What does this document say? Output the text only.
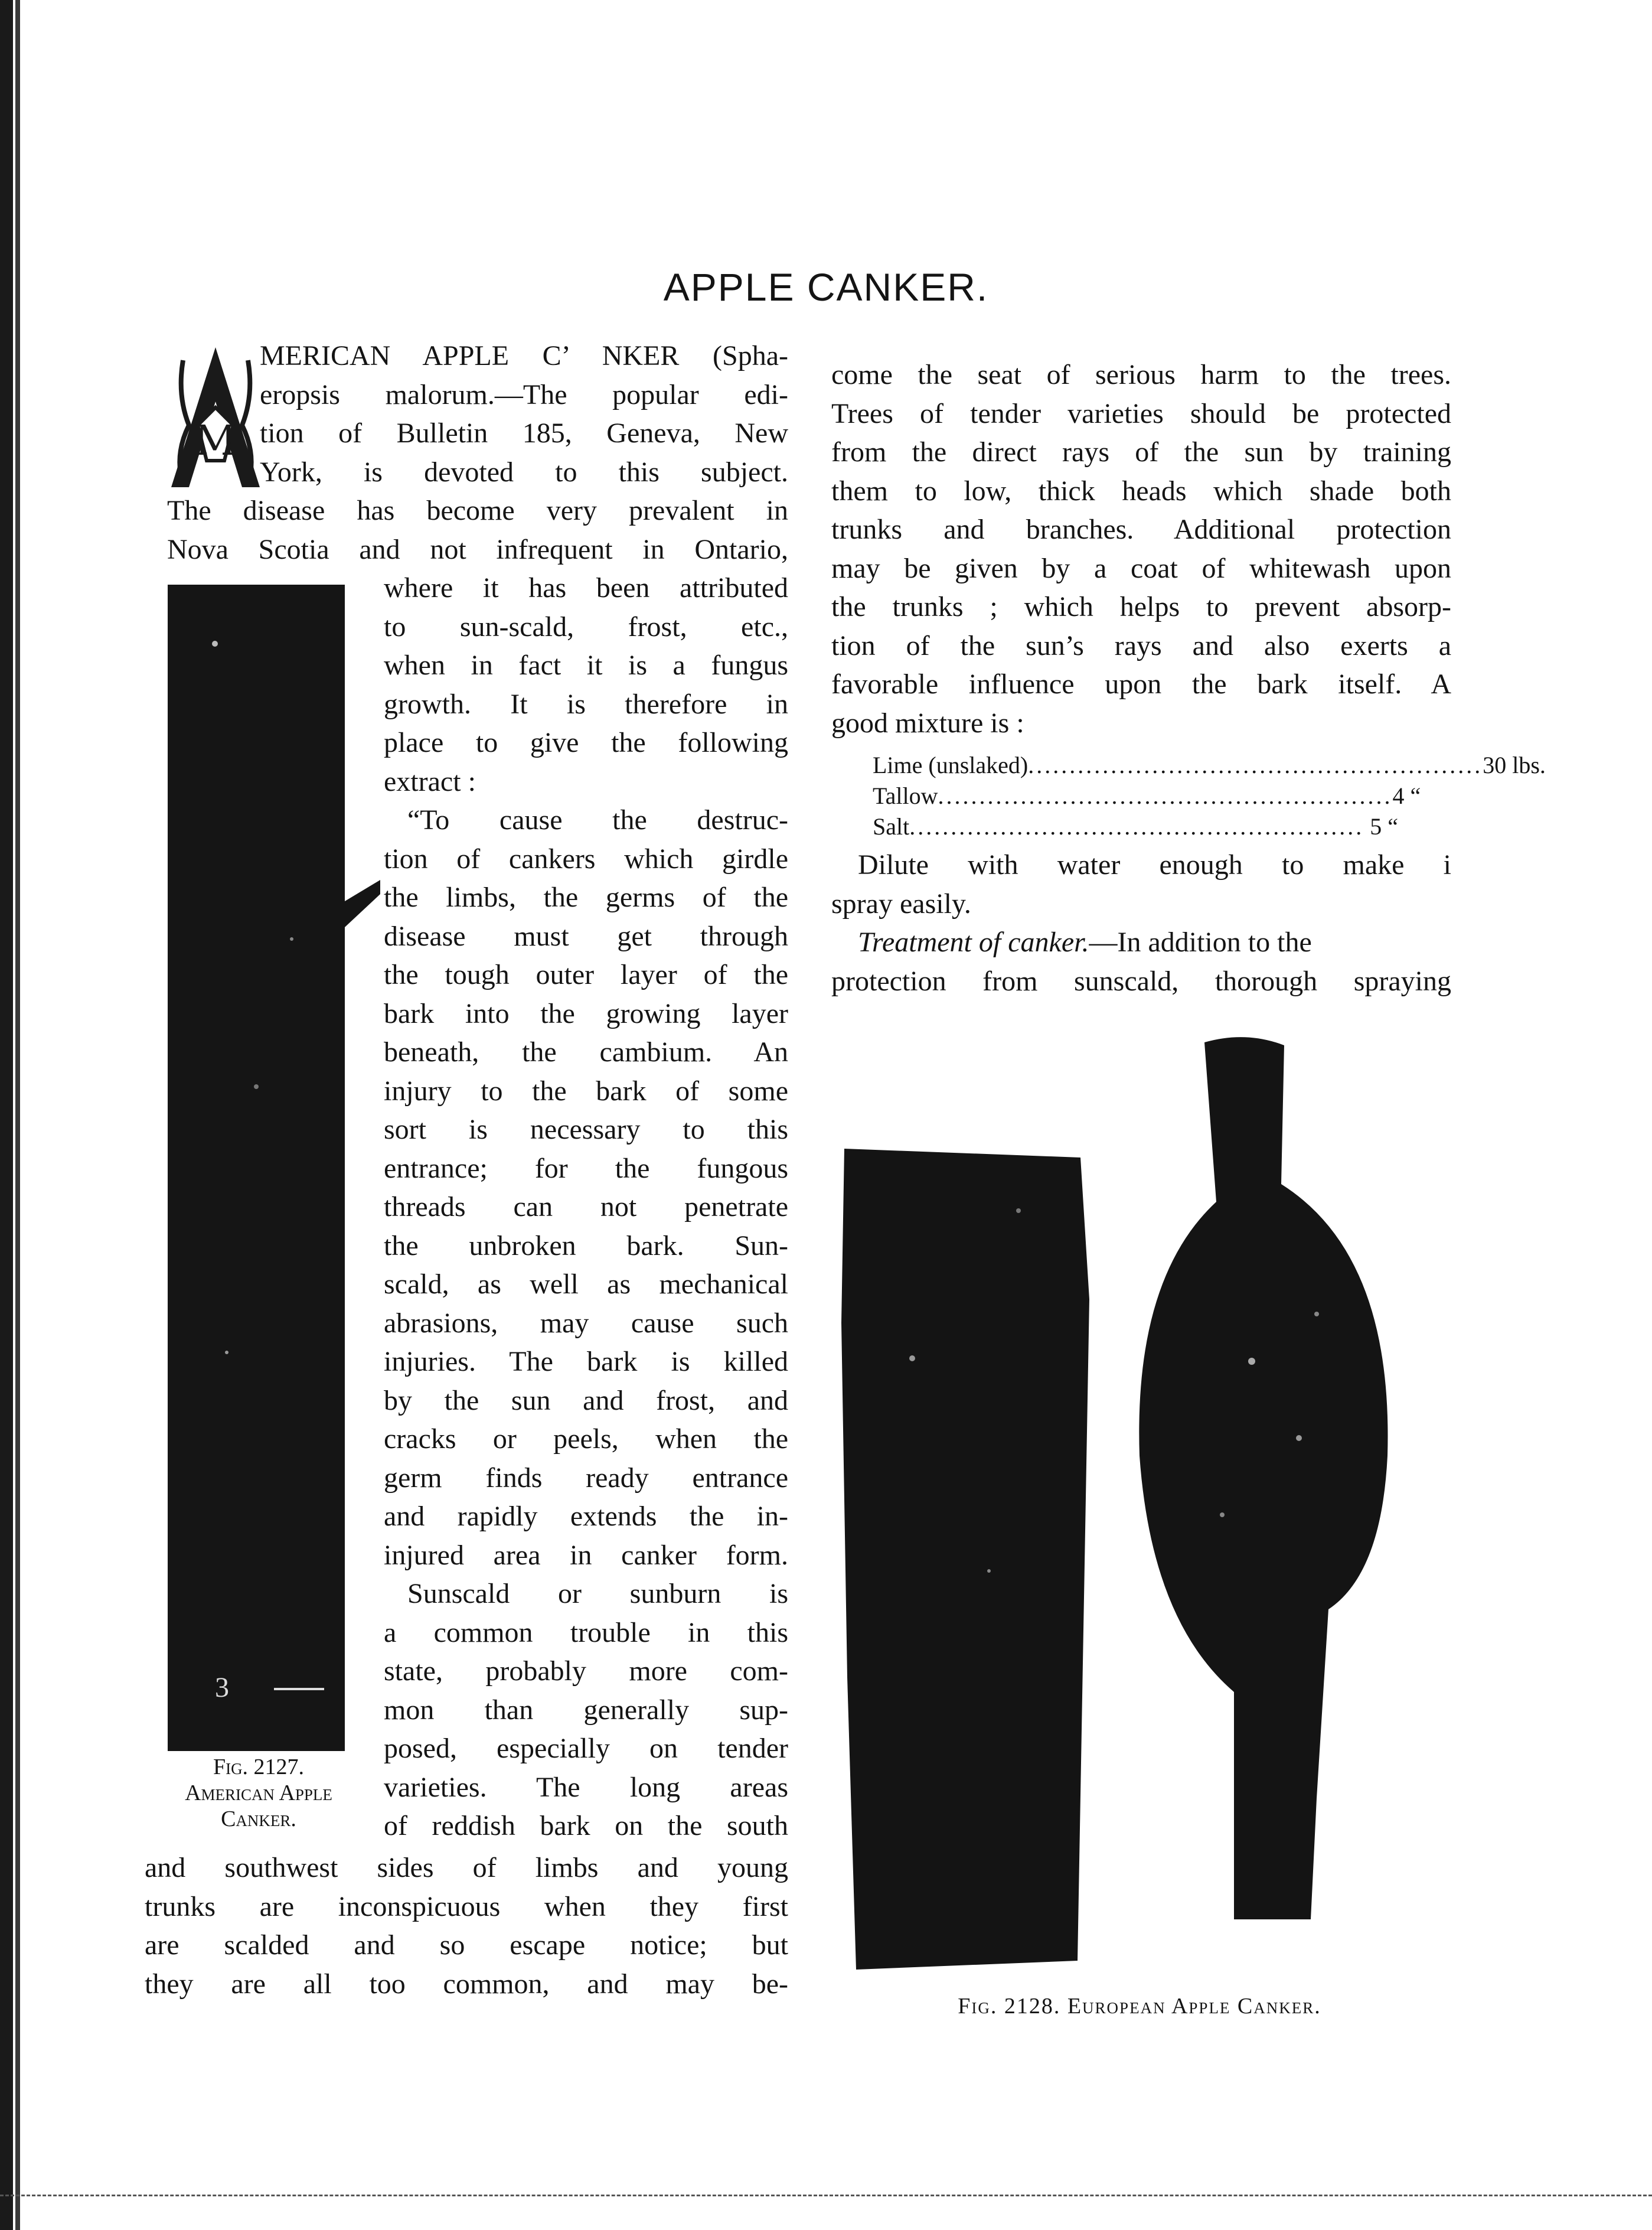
APPLE CANKER.
M
MERICAN APPLE C’ NKER (Spha-
eropsis malorum.—The popular edi-
tion of Bulletin 185, Geneva, New
York, is devoted to this subject.
The disease has become very prevalent in
Nova Scotia and not infrequent in Ontario,
3
Fig. 2127.
American Apple
Canker.
where it has been attributed
to sun-scald, frost, etc.,
when in fact it is a fungus
growth. It is therefore in
place to give the following
extract :
“To cause the destruc-
tion of cankers which girdle
the limbs, the germs of the
disease must get through
the tough outer layer of the
bark into the growing layer
beneath, the cambium. An
injury to the bark of some
sort is necessary to this
entrance; for the fungous
threads can not penetrate
the unbroken bark. Sun-
scald, as well as mechanical
abrasions, may cause such
injuries. The bark is killed
by the sun and frost, and
cracks or peels, when the
germ finds ready entrance
and rapidly extends the in-
injured area in canker form.
Sunscald or sunburn is
a common trouble in this
state, probably more com-
mon than generally sup-
posed, especially on tender
varieties. The long areas
of reddish bark on the south
and southwest sides of limbs and young
trunks are inconspicuous when they first
are scalded and so escape notice; but
they are all too common, and may be-
come the seat of serious harm to the trees.
Trees of tender varieties should be protected
from the direct rays of the sun by training
them to low, thick heads which shade both
trunks and branches. Additional protection
may be given by a coat of whitewash upon
the trunks ; which helps to prevent absorp-
tion of the sun’s rays and also exerts a
favorable influence upon the bark itself. A
good mixture is :
Lime (unslaked) ....................................................... 30 lbs.
Tallow ....................................................... 4 “
Salt ....................................................... 5 “
Dilute with water enough to make i
spray easily.
Treatment of canker.—In addition to the
protection from sunscald, thorough spraying
Fig. 2128. European Apple Canker.
